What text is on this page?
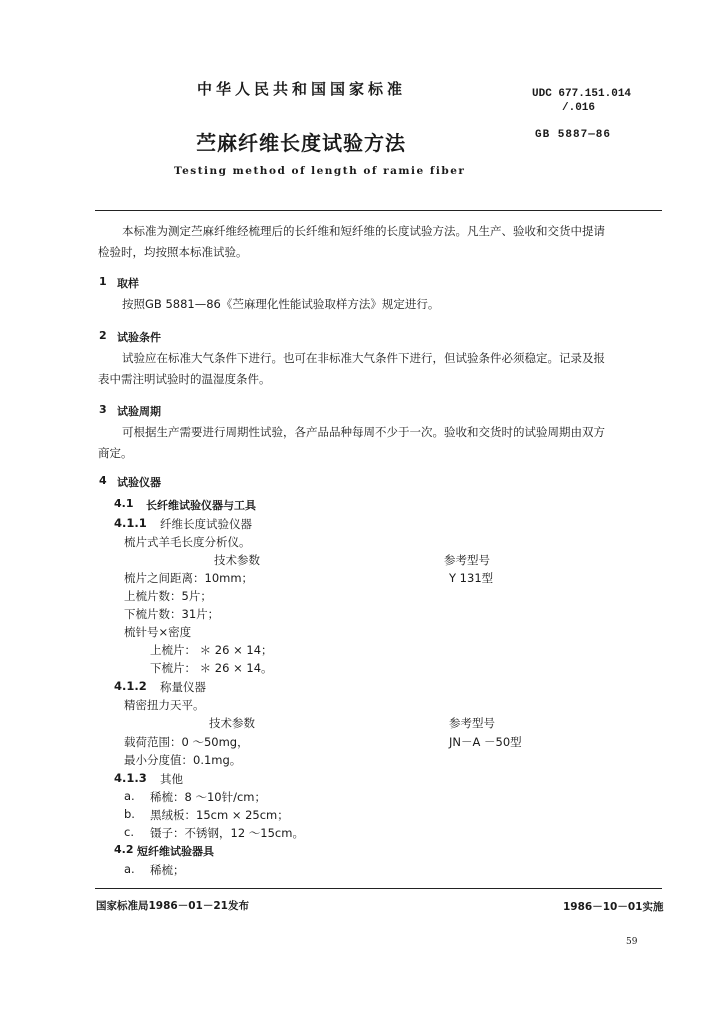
中华人民共和国国家标准	UDC 677.151.014
/.016
苎麻纤维长度试验方法	GB 5887—86
Testing method of length of ramie fiber
本标准为测定苎麻纤维经梳理后的长纤维和短纤维的长度试验方法。凡生产、验收和交货中提请
检验时，均按照本标准试验。
1 取样
按照GB 5881—86《苎麻理化性能试验取样方法》规定进行。
2 试验条件
试验应在标准大气条件下进行。也可在非标准大气条件下进行，但试验条件必须稳定。记录及报
表中需注明试验时的温湿度条件。
3 试验周期
可根据生产需要进行周期性试验，各产品品种每周不少于一次。验收和交货时的试验周期由双方
商定。
4 试验仪器
4.1 长纤维试验仪器与工具
4.1.1 纤维长度试验仪器
梳片式羊毛长度分析仪。
技术参数	参考型号
梳片之间距离：10mm；	Y 131型
上梳片数：5片；
下梳片数：31片；
梳针号×密度
上梳片： ＊ 26 × 14；
下梳片： ＊ 26 × 14。
4.1.2 称量仪器
精密扭力天平。
技术参数	参考型号
载荷范围：0 ～50mg，	JN－A －50型
最小分度值：0.1mg。
4.1.3 其他
a. 稀梳：8 ～10针/cm；
b. 黑绒板：15cm × 25cm；
c. 镊子：不锈钢，12 ～15cm。
4.2 短纤维试验器具
a. 稀梳；
国家标准局1986－01－21发布	1986－10－01实施
59
